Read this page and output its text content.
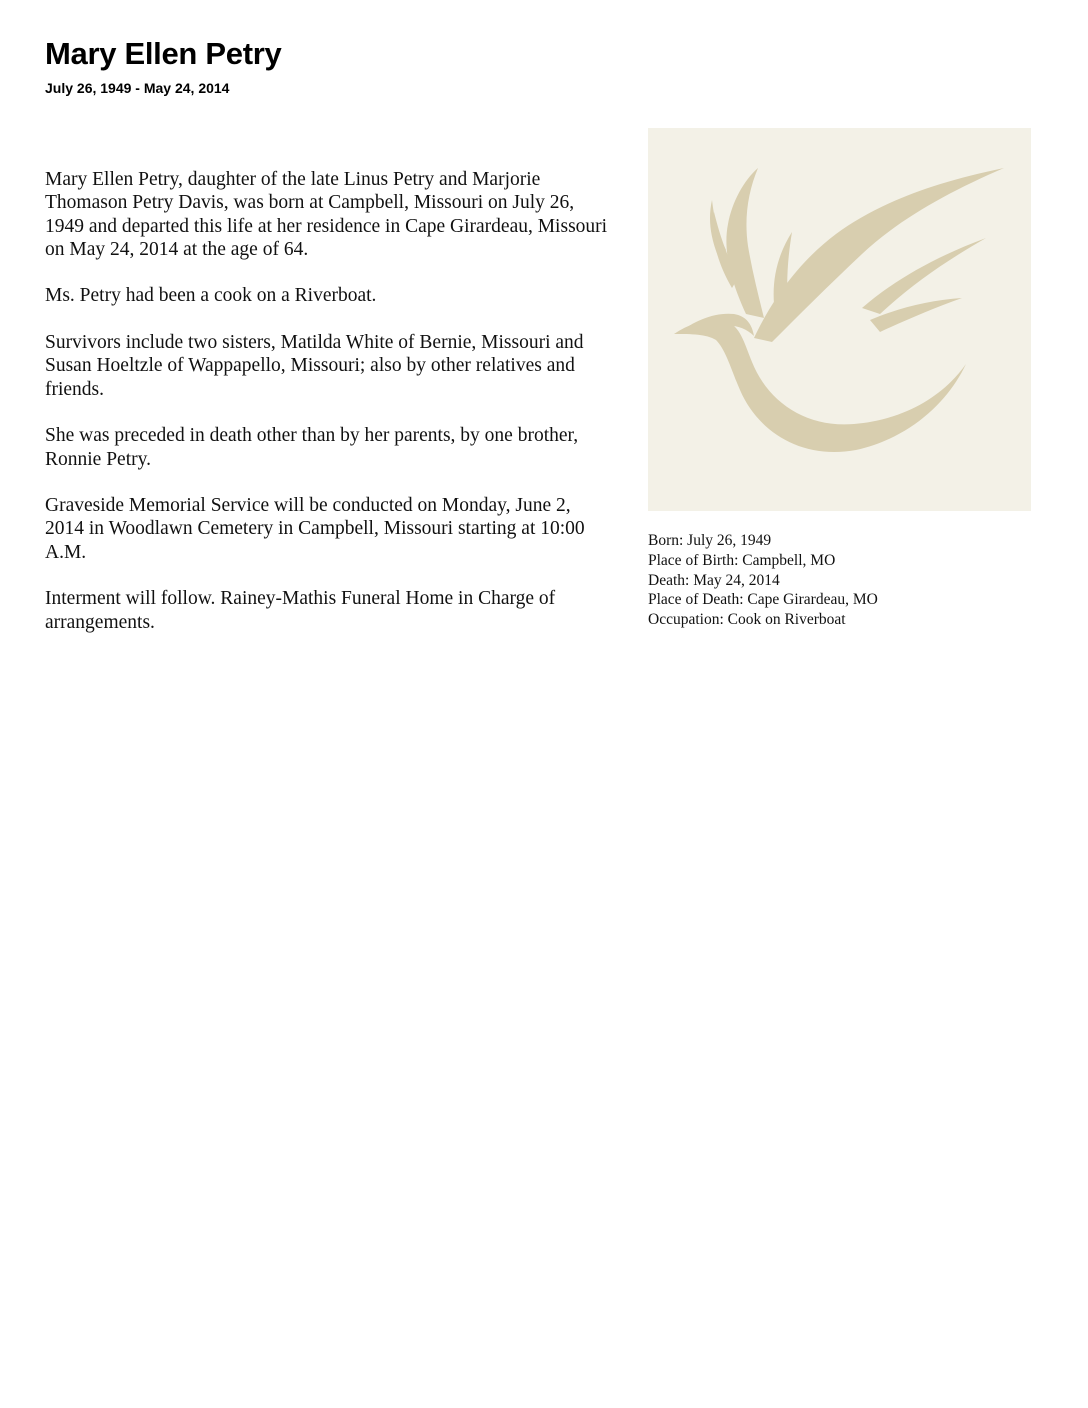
Mary Ellen Petry
July 26, 1949 - May 24, 2014

Mary Ellen Petry, daughter of the late Linus Petry and Marjorie Thomason Petry Davis, was born at Campbell, Missouri on July 26, 1949 and departed this life at her residence in Cape Girardeau, Missouri on May 24, 2014 at the age of 64.

Ms. Petry had been a cook on a Riverboat.

Survivors include two sisters, Matilda White of Bernie, Missouri and Susan Hoeltzle of Wappapello, Missouri; also by other relatives and friends.

She was preceded in death other than by her parents, by one brother, Ronnie Petry.

Graveside Memorial Service will be conducted on Monday, June 2, 2014 in Woodlawn Cemetery in Campbell, Missouri starting at 10:00 A.M.

Interment will follow. Rainey-Mathis Funeral Home in Charge of arrangements.

Born: July 26, 1949
Place of Birth: Campbell, MO
Death: May 24, 2014
Place of Death: Cape Girardeau, MO
Occupation: Cook on Riverboat
